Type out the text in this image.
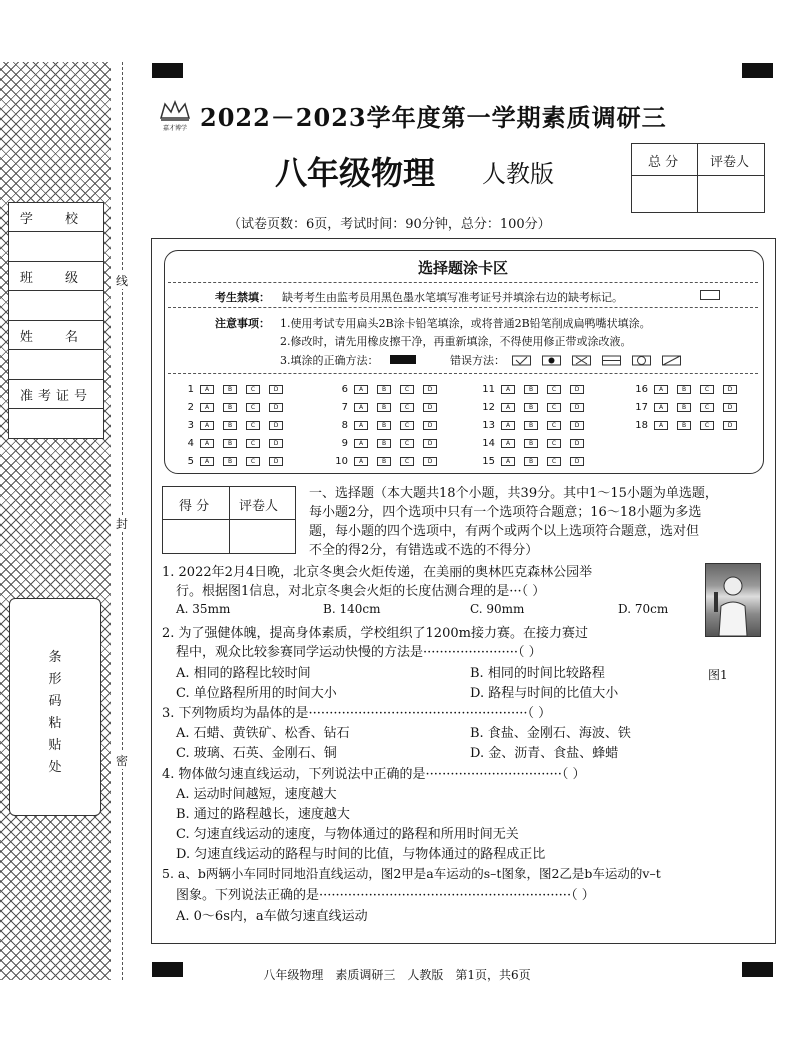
学 校
班 级
姓 名
准考证号
条
形
码
粘
贴
处
线
封
密
嘉才博学 2022－2023学年度第一学期素质调研三
八年级物理 人教版	总 分 评卷人
（试卷页数：6页，考试时间：90分钟，总分：100分）
选择题涂卡区
考生禁填： 缺考考生由监考员用黑色墨水笔填写准考证号并填涂右边的缺考标记。
注意事项： 1.使用考试专用扁头2B涂卡铅笔填涂，或将普通2B铅笔削成扁鸭嘴状填涂。
2.修改时，请先用橡皮擦干净，再重新填涂，不得使用修正带或涂改液。
3.填涂的正确方法：	错误方法：
1	A	B	C	D
2	A	B	C	D
3	A	B	C	D
4	A	B	C	D
5	A	B	C	D
6	A	B	C	D
7	A	B	C	D
8	A	B	C	D
9	A	B	C	D
10	A	B	C	D
11	A	B	C	D
12	A	B	C	D
13	A	B	C	D
14	A	B	C	D
15	A	B	C	D
16	A	B	C	D
17	A	B	C	D
18	A	B	C	D
得 分 评卷人
一、选择题（本大题共18个小题，共39分。其中1～15小题为单选题，
每小题2分，四个选项中只有一个选项符合题意；16～18小题为多选
题，每小题的四个选项中，有两个或两个以上选项符合题意，选对但
不全的得2分，有错选或不选的不得分）
1. 2022年2月4日晚，北京冬奥会火炬传递，在美丽的奥林匹克森林公园举
行。根据图1信息，对北京冬奥会火炬的长度估测合理的是···（ ）
A. 35mm	B. 140cm	C. 90mm	D. 70cm
图1
2. 为了强健体魄，提高身体素质，学校组织了1200m接力赛。在接力赛过
程中，观众比较参赛同学运动快慢的方法是·······················（ ）
A. 相同的路程比较时间	B. 相同的时间比较路程
C. 单位路程所用的时间大小	D. 路程与时间的比值大小
3. 下列物质均为晶体的是·····················································（ ）
A. 石蜡、黄铁矿、松香、钻石	B. 食盐、金刚石、海波、铁
C. 玻璃、石英、金刚石、铜	D. 金、沥青、食盐、蜂蜡
4. 物体做匀速直线运动，下列说法中正确的是·································（ ）
A. 运动时间越短，速度越大
B. 通过的路程越长，速度越大
C. 匀速直线运动的速度，与物体通过的路程和所用时间无关
D. 匀速直线运动的路程与时间的比值，与物体通过的路程成正比
5. a、b两辆小车同时同地沿直线运动，图2甲是a车运动的s–t图象，图2乙是b车运动的v–t
图象。下列说法正确的是·····························································（ ）
A. 0～6s内，a车做匀速直线运动
八年级物理　素质调研三　人教版　第1页，共6页
